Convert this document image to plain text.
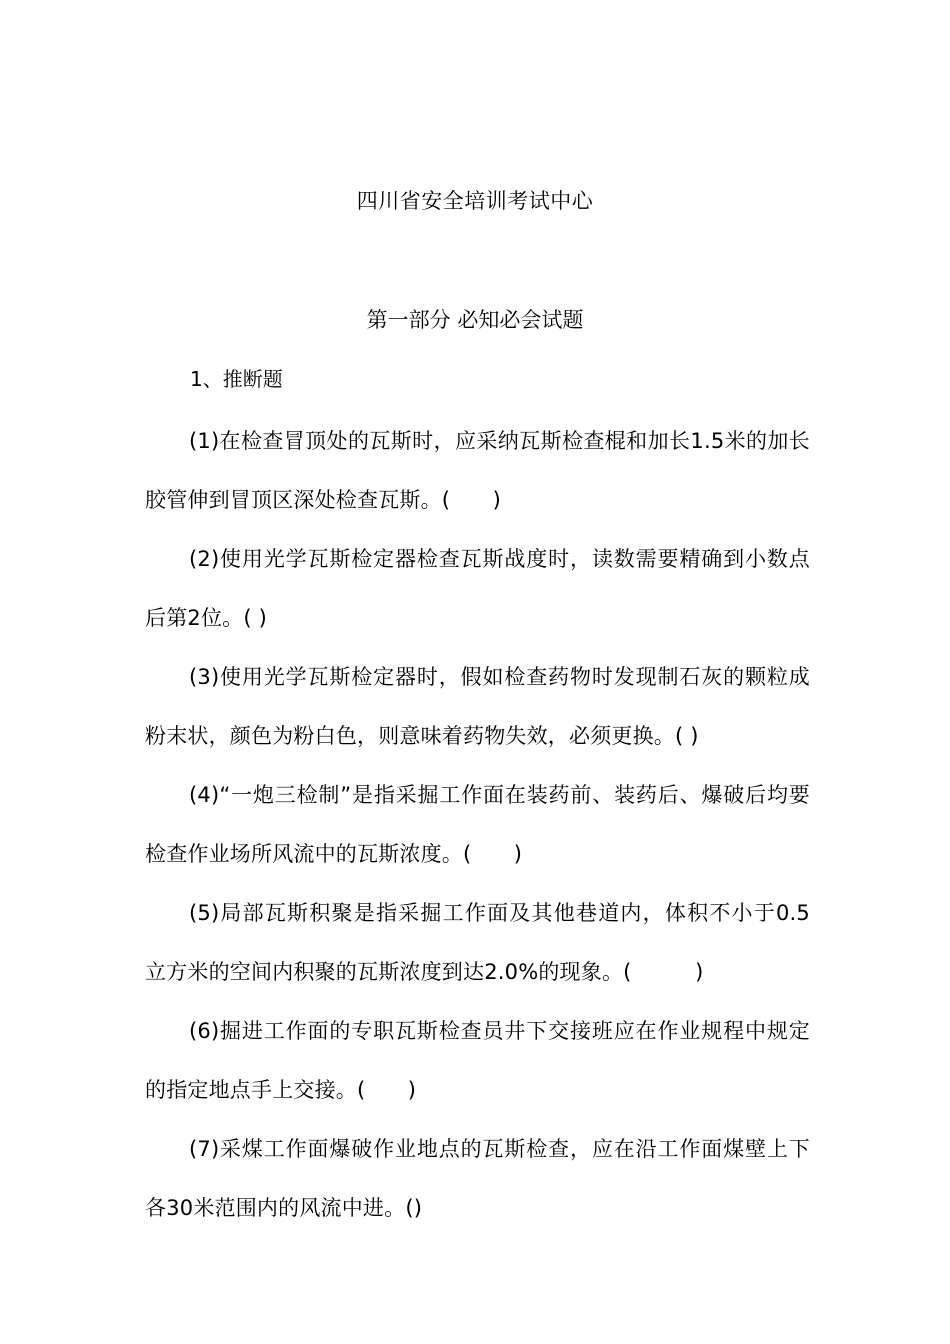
四川省安全培训考试中心
第一部分 必知必会试题
1、推断题
(1)在检查冒顶处的瓦斯时，应采纳瓦斯检查棍和加长1.5米的加长胶管伸到冒顶区深处检查瓦斯。(　　)
(2)使用光学瓦斯检定器检查瓦斯战度时，读数需要精确到小数点后第2位。( )
(3)使用光学瓦斯检定器时，假如检查药物时发现制石灰的颗粒成粉末状，颜色为粉白色，则意味着药物失效，必须更换。( )
(4)“一炮三检制”是指采掘工作面在装药前、装药后、爆破后均要检查作业场所风流中的瓦斯浓度。(　　)
(5)局部瓦斯积聚是指采掘工作面及其他巷道内，体积不小于0.5　立方米的空间内积聚的瓦斯浓度到达2.0%的现象。(　　　)
(6)掘进工作面的专职瓦斯检查员井下交接班应在作业规程中规定的指定地点手上交接。(　　)
(7)采煤工作面爆破作业地点的瓦斯检查，应在沿工作面煤壁上下各30米范围内的风流中进。()
